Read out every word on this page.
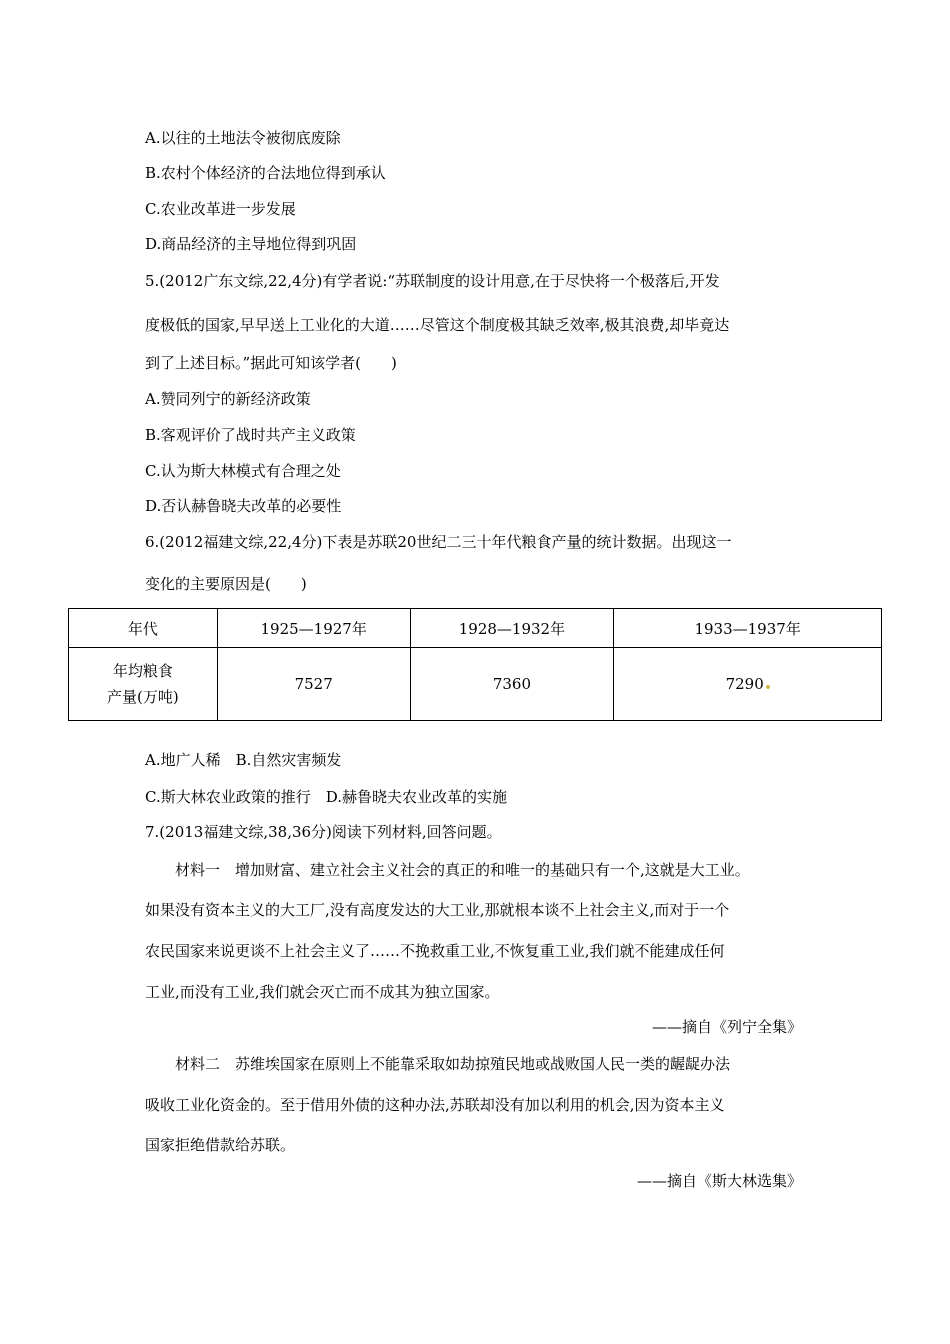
A.以往的土地法令被彻底废除
B.农村个体经济的合法地位得到承认
C.农业改革进一步发展
D.商品经济的主导地位得到巩固
5.(2012广东文综,22,4分)有学者说:“苏联制度的设计用意,在于尽快将一个极落后,开发
度极低的国家,早早送上工业化的大道……尽管这个制度极其缺乏效率,极其浪费,却毕竟达
到了上述目标。”据此可知该学者(　　)
A.赞同列宁的新经济政策
B.客观评价了战时共产主义政策
C.认为斯大林模式有合理之处
D.否认赫鲁晓夫改革的必要性
6.(2012福建文综,22,4分)下表是苏联20世纪二三十年代粮食产量的统计数据。出现这一
变化的主要原因是(　　)
年代	1925—1927年	1928—1932年	1933—1937年

年均粮食
产量(万吨)	7527	7360	7290
A.地广人稀　B.自然灾害频发
C.斯大林农业政策的推行　D.赫鲁晓夫农业改革的实施
7.(2013福建文综,38,36分)阅读下列材料,回答问题。
材料一　增加财富、建立社会主义社会的真正的和唯一的基础只有一个,这就是大工业。
如果没有资本主义的大工厂,没有高度发达的大工业,那就根本谈不上社会主义,而对于一个
农民国家来说更谈不上社会主义了……不挽救重工业,不恢复重工业,我们就不能建成任何
工业,而没有工业,我们就会灭亡而不成其为独立国家。
——摘自《列宁全集》
材料二　苏维埃国家在原则上不能靠采取如劫掠殖民地或战败国人民一类的龌龊办法
吸收工业化资金的。至于借用外债的这种办法,苏联却没有加以利用的机会,因为资本主义
国家拒绝借款给苏联。
——摘自《斯大林选集》
